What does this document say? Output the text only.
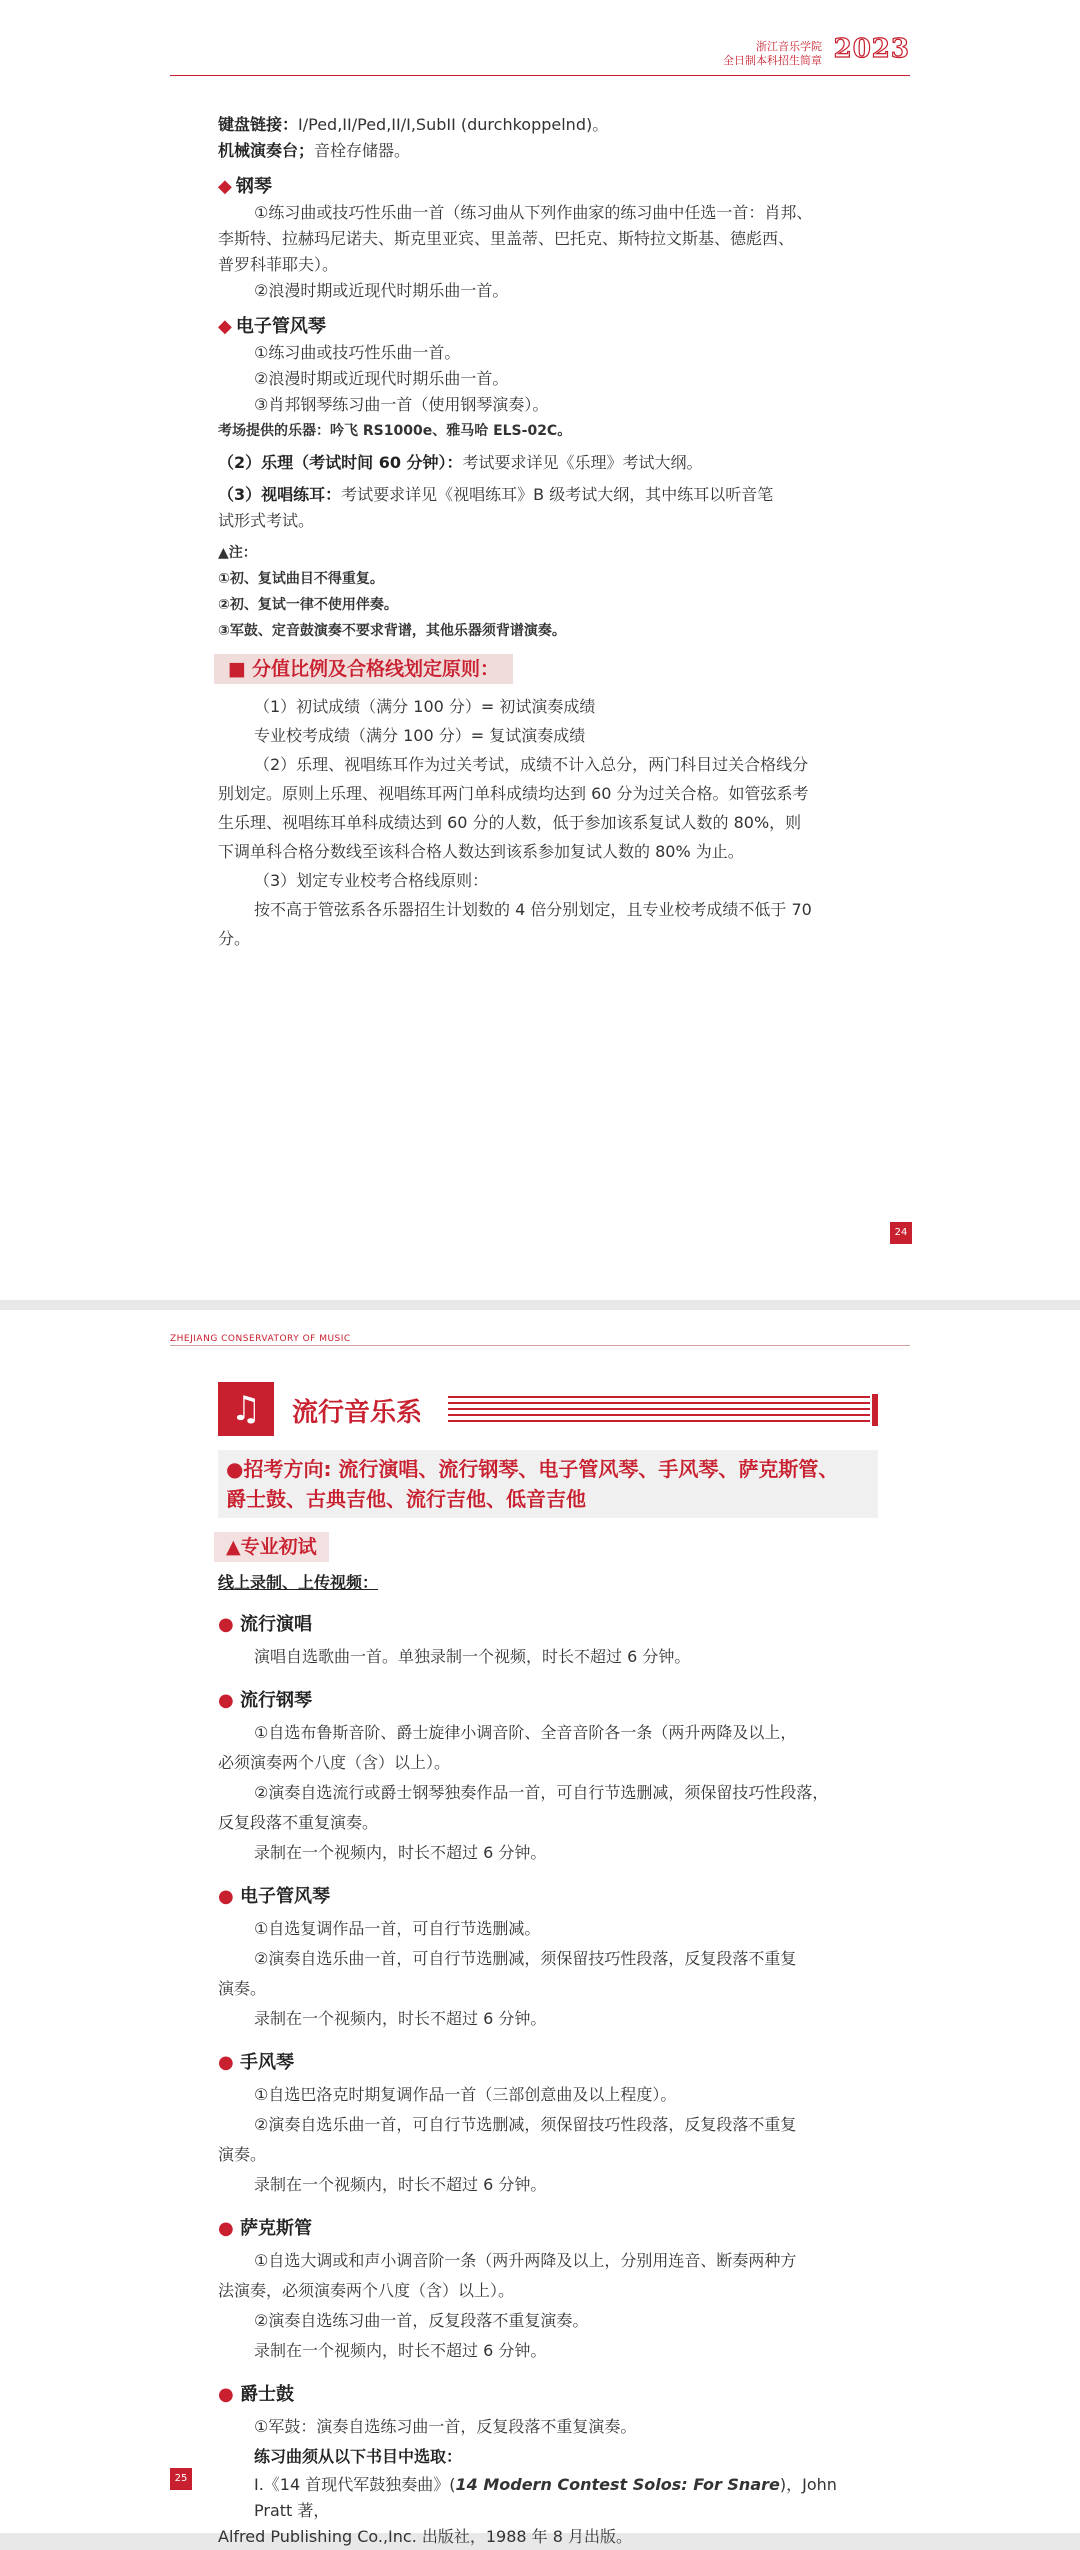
浙江音乐学院
全日制本科招生简章 2023
键盘链接：I/Ped,II/Ped,II/I,SubII (durchkoppelnd)。
机械演奏台；音栓存储器。
◆ 钢琴
①练习曲或技巧性乐曲一首（练习曲从下列作曲家的练习曲中任选一首：肖邦、
李斯特、拉赫玛尼诺夫、斯克里亚宾、里盖蒂、巴托克、斯特拉文斯基、德彪西、
普罗科菲耶夫）。
②浪漫时期或近现代时期乐曲一首。
◆ 电子管风琴
①练习曲或技巧性乐曲一首。
②浪漫时期或近现代时期乐曲一首。
③肖邦钢琴练习曲一首（使用钢琴演奏）。
考场提供的乐器：吟飞 RS1000e、雅马哈 ELS-02C。
（2）乐理（考试时间 60 分钟）：考试要求详见《乐理》考试大纲。
（3）视唱练耳：考试要求详见《视唱练耳》B 级考试大纲，其中练耳以听音笔
试形式考试。
▲注：
①初、复试曲目不得重复。
②初、复试一律不使用伴奏。
③军鼓、定音鼓演奏不要求背谱，其他乐器须背谱演奏。
■ 分值比例及合格线划定原则：
（1）初试成绩（满分 100 分）= 初试演奏成绩
专业校考成绩（满分 100 分）= 复试演奏成绩
（2）乐理、视唱练耳作为过关考试，成绩不计入总分，两门科目过关合格线分
别划定。原则上乐理、视唱练耳两门单科成绩均达到 60 分为过关合格。如管弦系考
生乐理、视唱练耳单科成绩达到 60 分的人数，低于参加该系复试人数的 80%，则
下调单科合格分数线至该科合格人数达到该系参加复试人数的 80% 为止。
（3）划定专业校考合格线原则：
按不高于管弦系各乐器招生计划数的 4 倍分别划定，且专业校考成绩不低于 70
分。
24
ZHEJIANG CONSERVATORY OF MUSIC
♫	流行音乐系
●招考方向: 流行演唱、流行钢琴、电子管风琴、手风琴、萨克斯管、
爵士鼓、古典吉他、流行吉他、低音吉他
▲专业初试
线上录制、上传视频：
● 流行演唱
演唱自选歌曲一首。单独录制一个视频，时长不超过 6 分钟。
● 流行钢琴
①自选布鲁斯音阶、爵士旋律小调音阶、全音音阶各一条（两升两降及以上，
必须演奏两个八度（含）以上）。
②演奏自选流行或爵士钢琴独奏作品一首，可自行节选删减，须保留技巧性段落，
反复段落不重复演奏。
录制在一个视频内，时长不超过 6 分钟。
● 电子管风琴
①自选复调作品一首，可自行节选删减。
②演奏自选乐曲一首，可自行节选删减，须保留技巧性段落，反复段落不重复
演奏。
录制在一个视频内，时长不超过 6 分钟。
● 手风琴
①自选巴洛克时期复调作品一首（三部创意曲及以上程度）。
②演奏自选乐曲一首，可自行节选删减，须保留技巧性段落，反复段落不重复
演奏。
录制在一个视频内，时长不超过 6 分钟。
● 萨克斯管
①自选大调或和声小调音阶一条（两升两降及以上，分别用连音、断奏两种方
法演奏，必须演奏两个八度（含）以上）。
②演奏自选练习曲一首，反复段落不重复演奏。
录制在一个视频内，时长不超过 6 分钟。
● 爵士鼓
①军鼓：演奏自选练习曲一首，反复段落不重复演奏。
练习曲须从以下书目中选取：
I.《14 首现代军鼓独奏曲》(14 Modern Contest Solos: For Snare)，John Pratt 著，
Alfred Publishing Co.,Inc. 出版社，1988 年 8 月出版。
25
